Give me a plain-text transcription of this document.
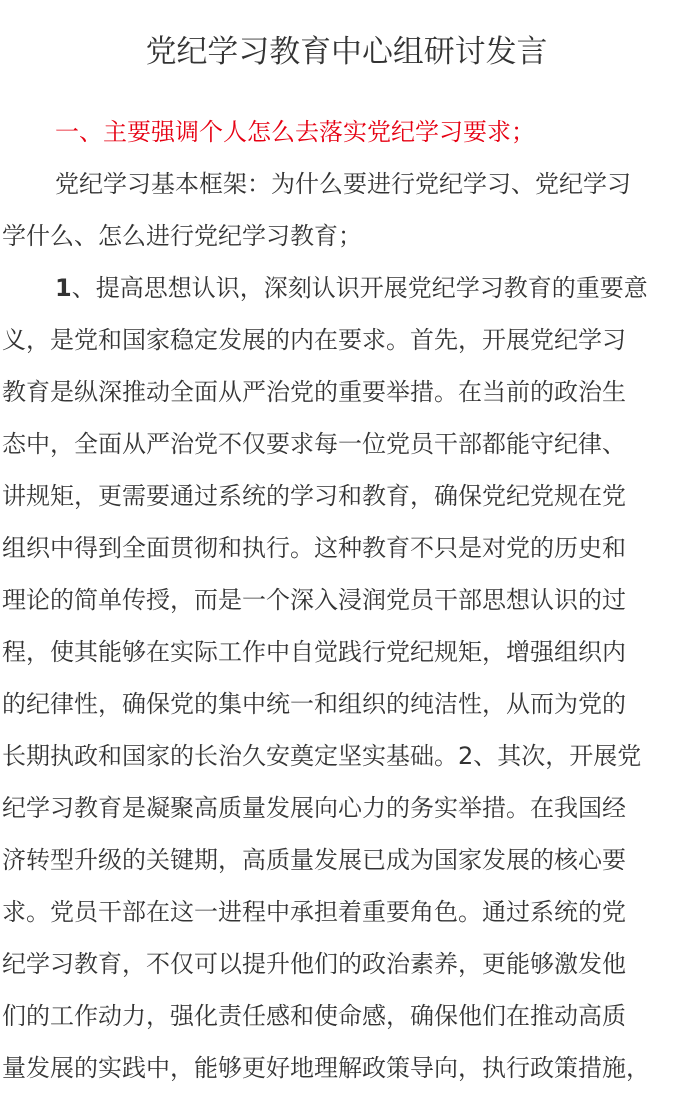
党纪学习教育中心组研讨发言
一、主要强调个人怎么去落实党纪学习要求；
党纪学习基本框架：为什么要进行党纪学习、党纪学习
学什么、怎么进行党纪学习教育；
1、提高思想认识，深刻认识开展党纪学习教育的重要意
义，是党和国家稳定发展的内在要求。首先，开展党纪学习
教育是纵深推动全面从严治党的重要举措。在当前的政治生
态中，全面从严治党不仅要求每一位党员干部都能守纪律、
讲规矩，更需要通过系统的学习和教育，确保党纪党规在党
组织中得到全面贯彻和执行。这种教育不只是对党的历史和
理论的简单传授，而是一个深入浸润党员干部思想认识的过
程，使其能够在实际工作中自觉践行党纪规矩，增强组织内
的纪律性，确保党的集中统一和组织的纯洁性，从而为党的
长期执政和国家的长治久安奠定坚实基础。2、其次，开展党
纪学习教育是凝聚高质量发展向心力的务实举措。在我国经
济转型升级的关键期，高质量发展已成为国家发展的核心要
求。党员干部在这一进程中承担着重要角色。通过系统的党
纪学习教育，不仅可以提升他们的政治素养，更能够激发他
们的工作动力，强化责任感和使命感，确保他们在推动高质
量发展的实践中，能够更好地理解政策导向，执行政策措施，
